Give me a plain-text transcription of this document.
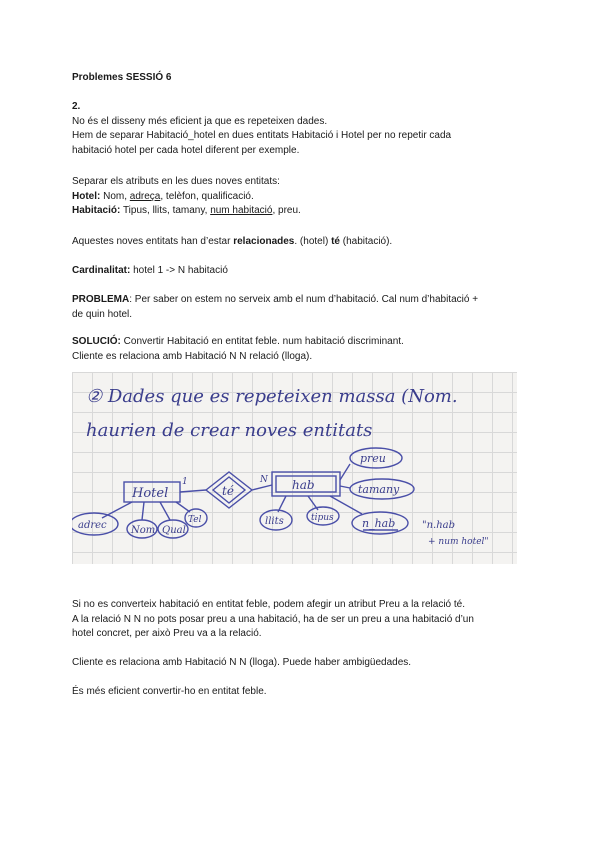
Problemes SESSIÓ 6

2.

No és el disseny més eficient ja que es repeteixen dades.

Hem de separar Habitació_hotel en dues entitats Habitació i Hotel per no repetir cada

habitació hotel per cada hotel diferent per exemple.

Separar els atributs en les dues noves entitats:

Hotel: Nom, adreça, telèfon, qualificació.

Habitació: Tipus, llits, tamany, num habitació, preu.

Aquestes noves entitats han d’estar relacionades. (hotel) té (habitació).

Cardinalitat: hotel 1 -> N habitació

PROBLEMA: Per saber on estem no serveix amb el num d’habitació. Cal num d’habitació +

de quin hotel.

SOLUCIÓ: Convertir Habitació en entitat feble. num habitació discriminant.

Cliente es relaciona amb Habitació N N relació (lloga).

② Dades que es repeteixen massa (Nom.
haurien de crear noves entitats
Hotel
1
té
N hab
preu
tamany
adrec Nom Qual
Tel	llits	tipus	n_hab	"n.hab
+ num hotel"

Si no es converteix habitació en entitat feble, podem afegir un atribut Preu a la relació té.

A la relació N N no pots posar preu a una habitació, ha de ser un preu a una habitació d’un

hotel concret, per això Preu va a la relació.

Cliente es relaciona amb Habitació N N (lloga). Puede haber ambigüedades.

És més eficient convertir-ho en entitat feble.
